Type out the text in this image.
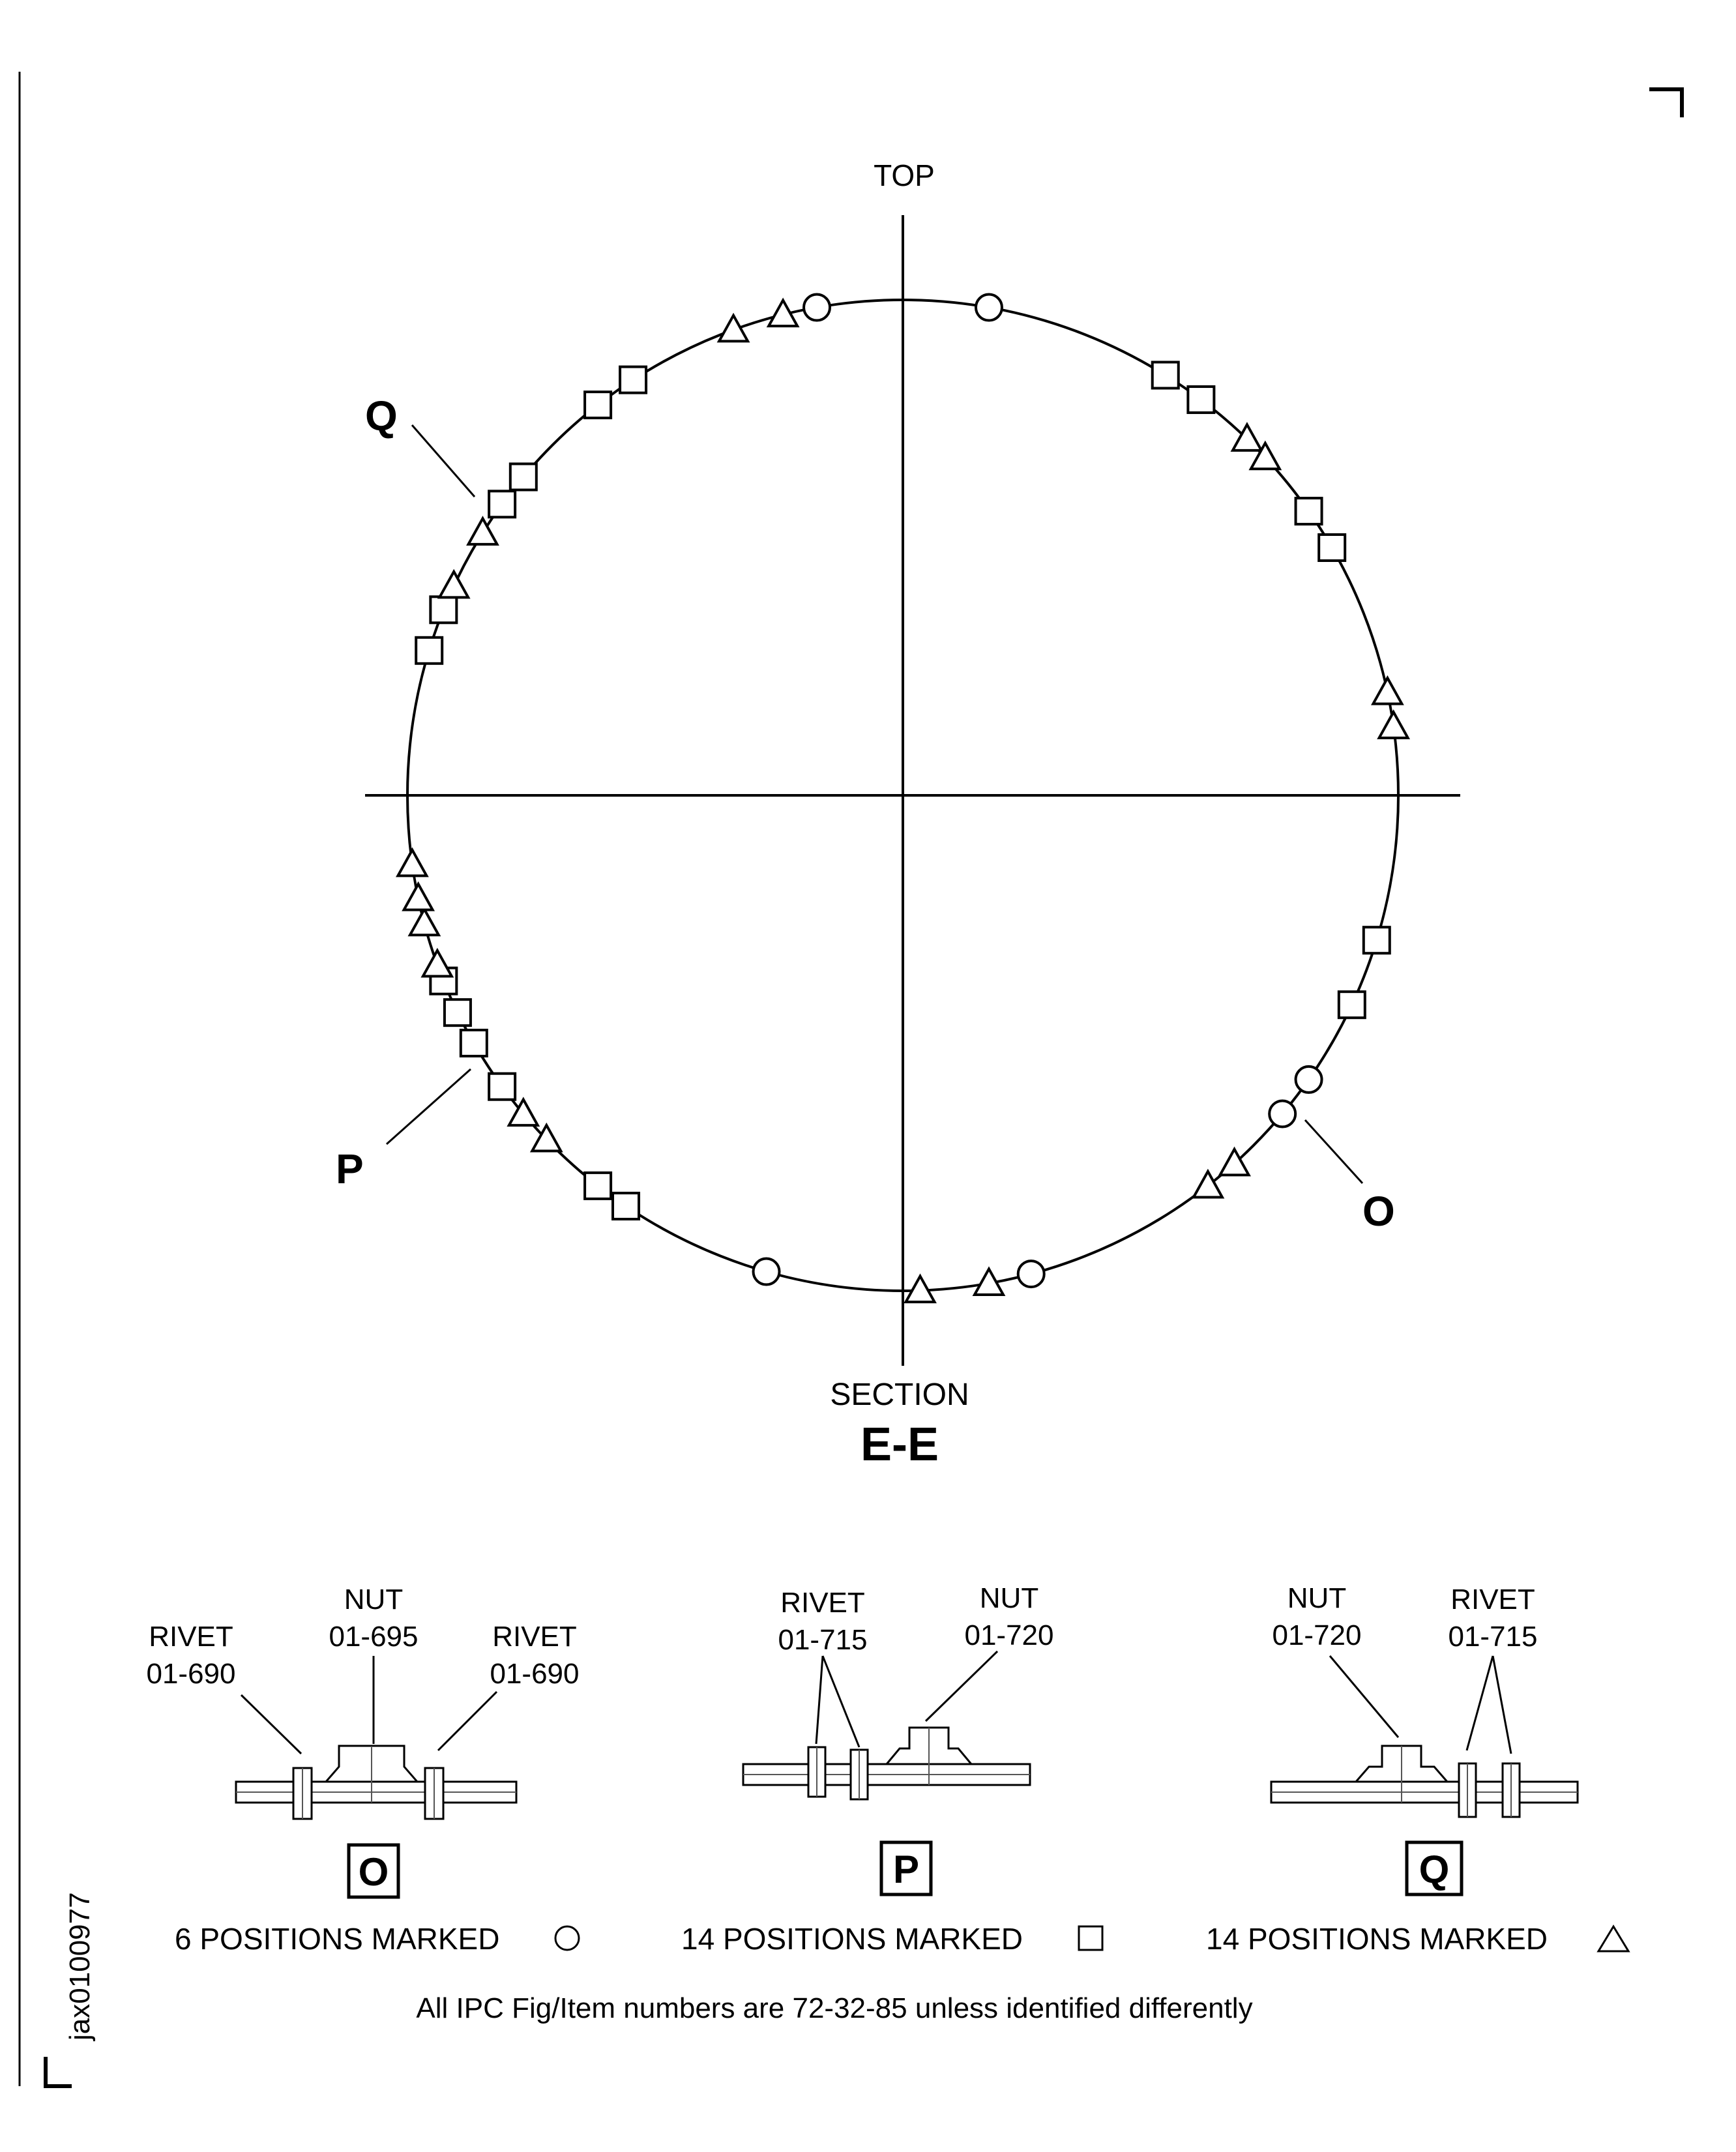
TOP
SECTION
E-E
Q
P
O
RIVET
01-690
NUT
01-695	RIVET
01-690
O
6 POSITIONS MARKED
RIVET
01-715
NUT
01-720
P
14 POSITIONS MARKED
NUT
01-720
RIVET
01-715
Q
14 POSITIONS MARKED
All IPC Fig/Item numbers are 72-32-85 unless identified differently
jax0100977
